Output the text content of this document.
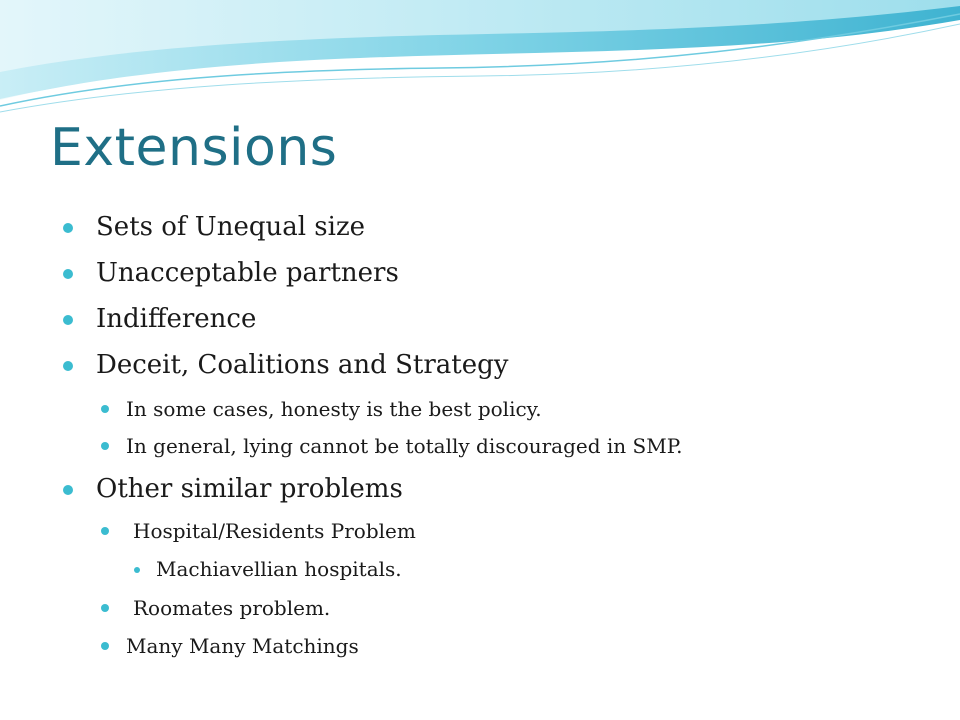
Extensions
Sets of Unequal size
Unacceptable partners
Indifference
Deceit, Coalitions and Strategy
In some cases, honesty is the best policy.
In general, lying cannot be totally discouraged in SMP.
Other similar problems
Hospital/Residents Problem
Machiavellian hospitals.
Roomates problem.
Many Many Matchings
